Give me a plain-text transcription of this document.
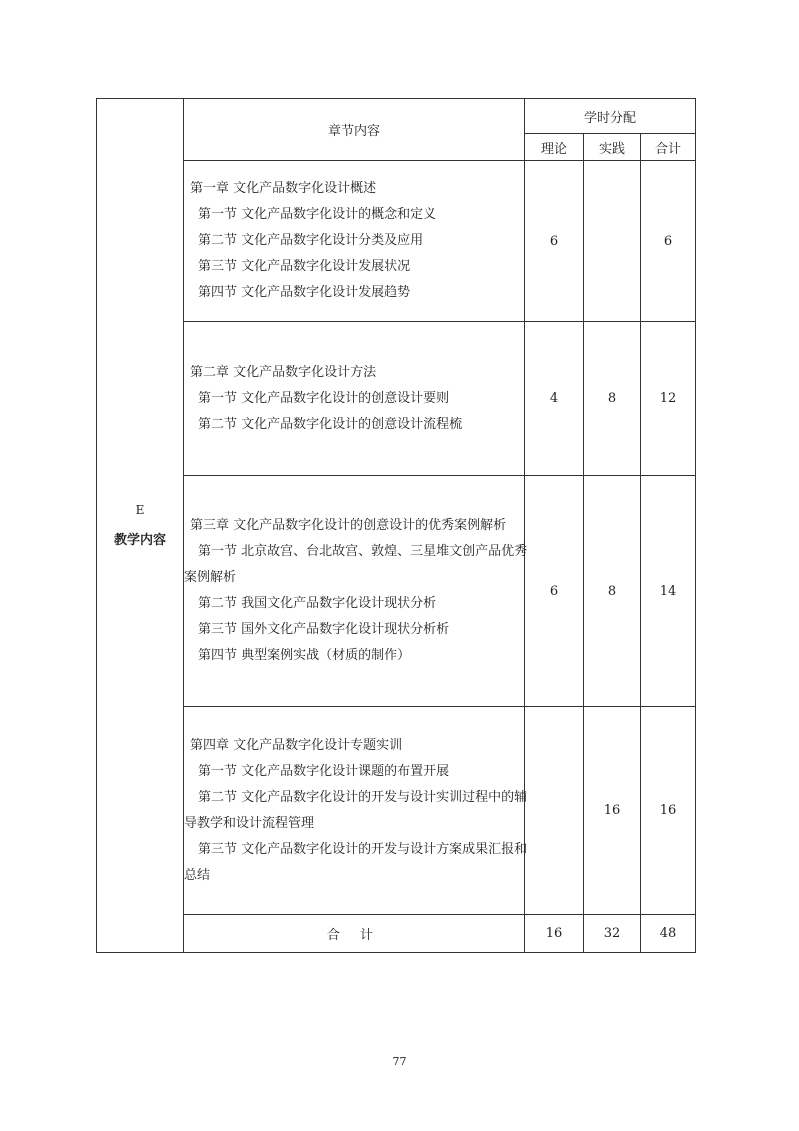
E
教学内容	章节内容	学时分配		
		理论	实践	合计

	第一章 文化产品数字化设计概述
第一节 文化产品数字化设计的概念和定义
第二节 文化产品数字化设计分类及应用
第三节 文化产品数字化设计发展状况
第四节 文化产品数字化设计发展趋势	6		6

	第二章 文化产品数字化设计方法
第一节 文化产品数字化设计的创意设计要则
第二节 文化产品数字化设计的创意设计流程梳	4	8	12

	第三章 文化产品数字化设计的创意设计的优秀案例解析
第一节 北京故宫、台北故宫、敦煌、三星堆文创产品优秀案例解析
第二节 我国文化产品数字化设计现状分析
第三节 国外文化产品数字化设计现状分析析
第四节 典型案例实战（材质的制作）	6	8	14

	第四章 文化产品数字化设计专题实训
第一节 文化产品数字化设计课题的布置开展
第二节 文化产品数字化设计的开发与设计实训过程中的辅导教学和设计流程管理
第三节 文化产品数字化设计的开发与设计方案成果汇报和总结		16	16
	合 计	16	32	48
77
